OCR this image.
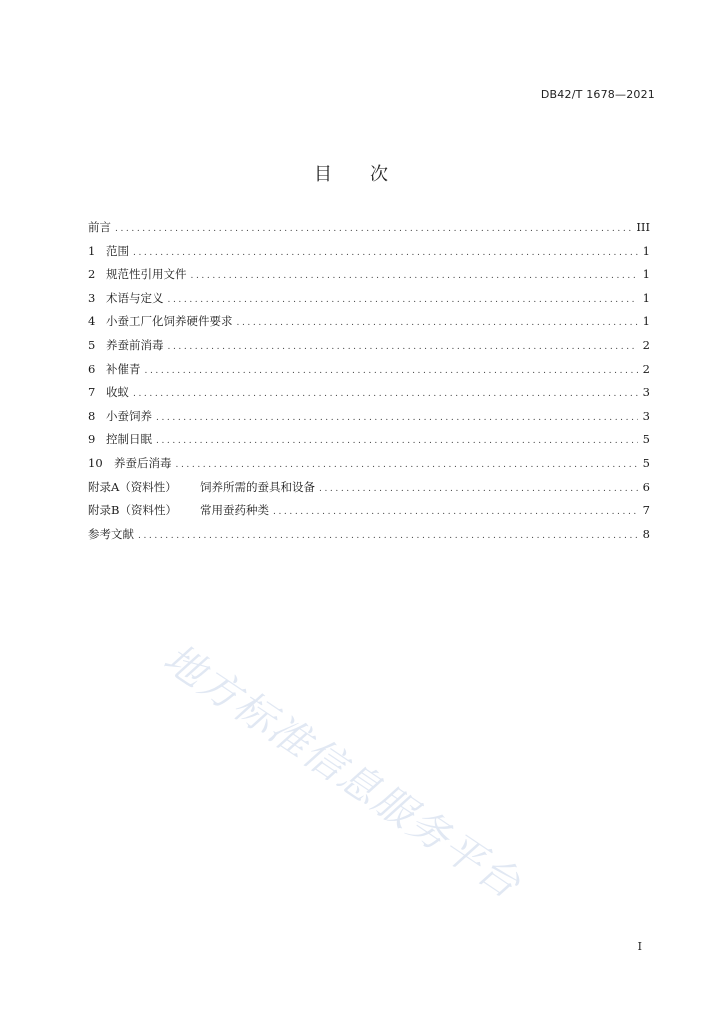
DB42/T 1678—2021
目次
前言 .....	III
1 范围 .....	1
2 规范性引用文件 .....	1
3 术语与定义 .....	1
4 小蚕工厂化饲养硬件要求 .....	1
5 养蚕前消毒 .....	2
6 补催青 .....	2
7 收蚁 .....	3
8 小蚕饲养 .....	3
9 控制日眠 .....	5
10 养蚕后消毒 .....	5
附录A（资料性）	饲养所需的蚕具和设备 .....	6
附录B（资料性）	常用蚕药种类 .....	7
参考文献 .....	8
地方标准信息服务平台
I
